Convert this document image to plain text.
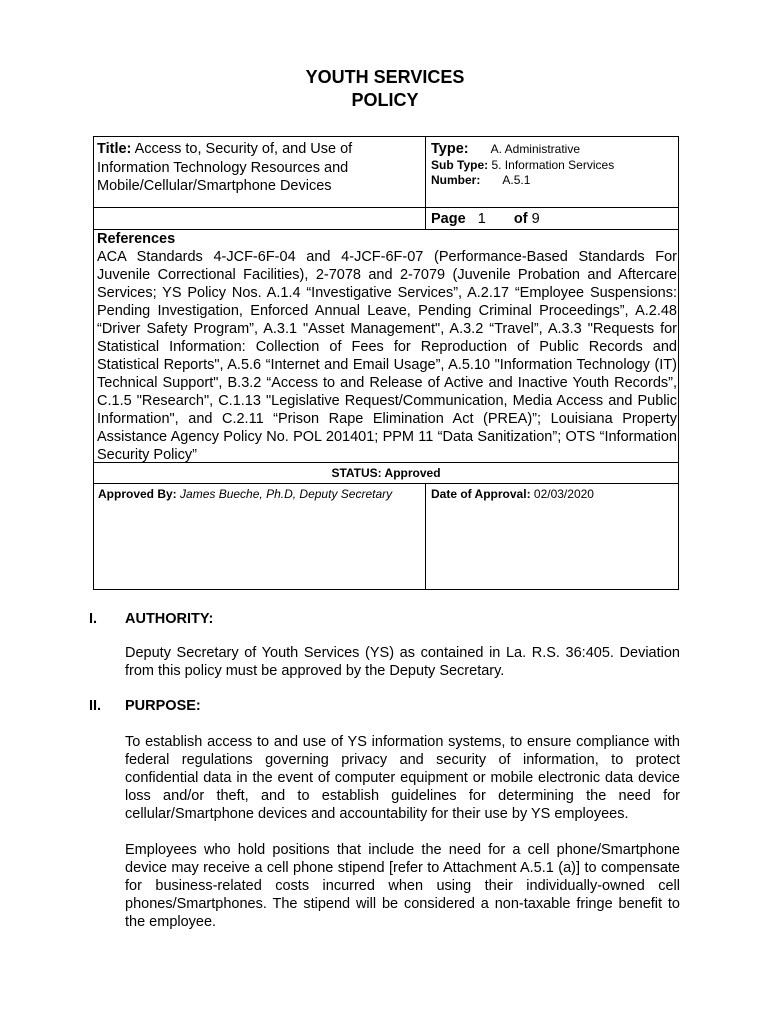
YOUTH SERVICES
POLICY
Title: Access to, Security of, and Use of Information Technology Resources and Mobile/Cellular/Smartphone Devices
Type: A. Administrative
Sub Type: 5. Information Services
Number: A.5.1
Page 1 of 9
References
ACA Standards 4-JCF-6F-04 and 4-JCF-6F-07 (Performance-Based Standards For Juvenile Correctional Facilities), 2-7078 and 2-7079 (Juvenile Probation and Aftercare Services; YS Policy Nos. A.1.4 “Investigative Services”, A.2.17 “Employee Suspensions: Pending Investigation, Enforced Annual Leave, Pending Criminal Proceedings”, A.2.48 “Driver Safety Program”, A.3.1 "Asset Management", A.3.2 “Travel”, A.3.3 "Requests for Statistical Information: Collection of Fees for Reproduction of Public Records and Statistical Reports", A.5.6 “Internet and Email Usage”, A.5.10 "Information Technology (IT) Technical Support", B.3.2 “Access to and Release of Active and Inactive Youth Records”, C.1.5 "Research", C.1.13 "Legislative Request/Communication, Media Access and Public Information", and C.2.11 “Prison Rape Elimination Act (PREA)”; Louisiana Property Assistance Agency Policy No. POL 201401; PPM 11 “Data Sanitization”; OTS “Information Security Policy”
STATUS: Approved
Approved By: James Bueche, Ph.D, Deputy Secretary	Date of Approval: 02/03/2020
I. AUTHORITY:
Deputy Secretary of Youth Services (YS) as contained in La. R.S. 36:405. Deviation from this policy must be approved by the Deputy Secretary.
II. PURPOSE:
To establish access to and use of YS information systems, to ensure compliance with federal regulations governing privacy and security of information, to protect confidential data in the event of computer equipment or mobile electronic data device loss and/or theft, and to establish guidelines for determining the need for cellular/Smartphone devices and accountability for their use by YS employees.
Employees who hold positions that include the need for a cell phone/Smartphone device may receive a cell phone stipend [refer to Attachment A.5.1 (a)] to compensate for business-related costs incurred when using their individually-owned cell phones/Smartphones. The stipend will be considered a non-taxable fringe benefit to the employee.
